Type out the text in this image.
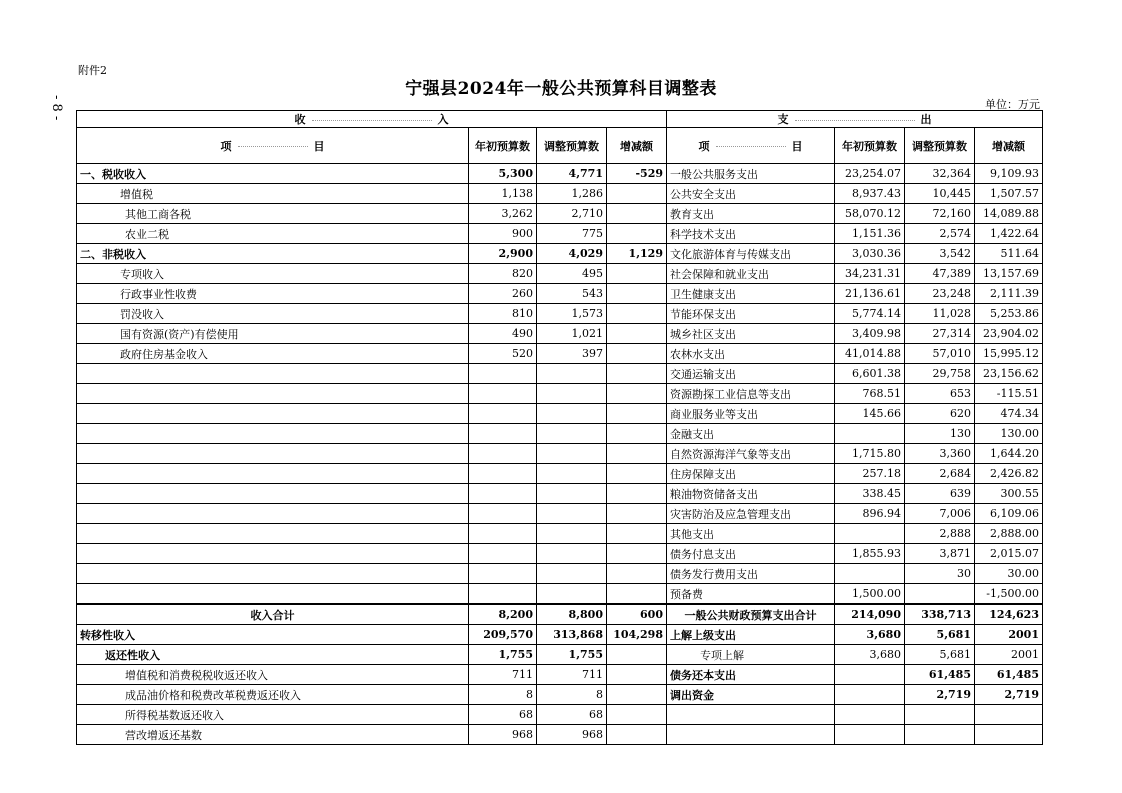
附件2
- 8 -
宁强县2024年一般公共预算科目调整表
单位：万元
收 入				支 出			
项 目	年初预算数	调整预算数	增减额	项 目	年初预算数	调整预算数	增减额
一、税收收入	5,300	4,771	-529	一般公共服务支出	23,254.07	32,364	9,109.93
增值税	1,138	1,286		公共安全支出	8,937.43	10,445	1,507.57
其他工商各税	3,262	2,710		教育支出	58,070.12	72,160	14,089.88
农业二税	900	775		科学技术支出	1,151.36	2,574	1,422.64
二、非税收入	2,900	4,029	1,129	文化旅游体育与传媒支出	3,030.36	3,542	511.64
专项收入	820	495		社会保障和就业支出	34,231.31	47,389	13,157.69
行政事业性收费	260	543		卫生健康支出	21,136.61	23,248	2,111.39
罚没收入	810	1,573		节能环保支出	5,774.14	11,028	5,253.86
国有资源(资产)有偿使用	490	1,021		城乡社区支出	3,409.98	27,314	23,904.02
政府住房基金收入	520	397		农林水支出	41,014.88	57,010	15,995.12
				交通运输支出	6,601.38	29,758	23,156.62
				资源勘探工业信息等支出	768.51	653	-115.51
				商业服务业等支出	145.66	620	474.34
				金融支出		130	130.00
				自然资源海洋气象等支出	1,715.80	3,360	1,644.20
				住房保障支出	257.18	2,684	2,426.82
				粮油物资储备支出	338.45	639	300.55
				灾害防治及应急管理支出	896.94	7,006	6,109.06
				其他支出		2,888	2,888.00
				债务付息支出	1,855.93	3,871	2,015.07
				债务发行费用支出		30	30.00
				预备费	1,500.00		-1,500.00
收入合计	8,200	8,800	600	一般公共财政预算支出合计	214,090	338,713	124,623
转移性收入	209,570	313,868	104,298	上解上级支出	3,680	5,681	2001
返还性收入	1,755	1,755		专项上解	3,680	5,681	2001
增值税和消费税税收返还收入	711	711		债务还本支出		61,485	61,485
成品油价格和税费改革税费返还收入	8	8		调出资金		2,719	2,719
所得税基数返还收入	68	68					
营改增返还基数	968	968					
